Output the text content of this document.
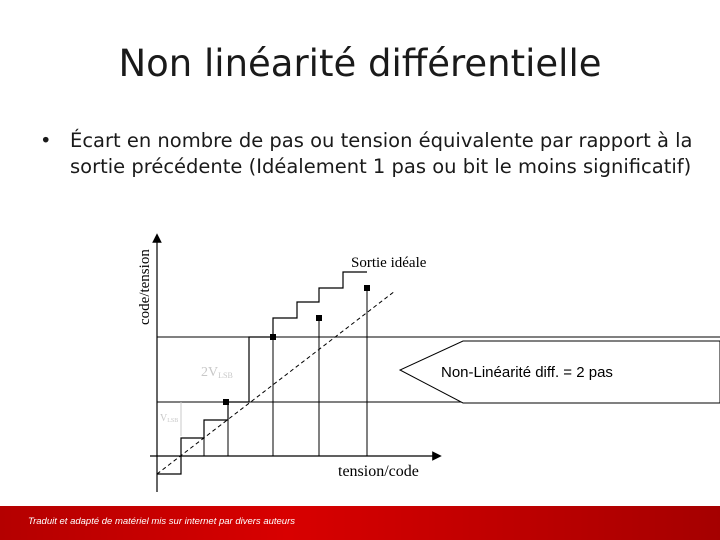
Non linéarité différentielle
• Écart en nombre de pas ou tension équivalente par rapport à la sortie précédente (Idéalement 1 pas ou bit le moins significatif)
code/tension
tension/code
Sortie idéale
2VLSB
VLSB
Non-Linéarité diff. = 2 pas
Traduit et adapté de matériel mis sur internet par divers auteurs
